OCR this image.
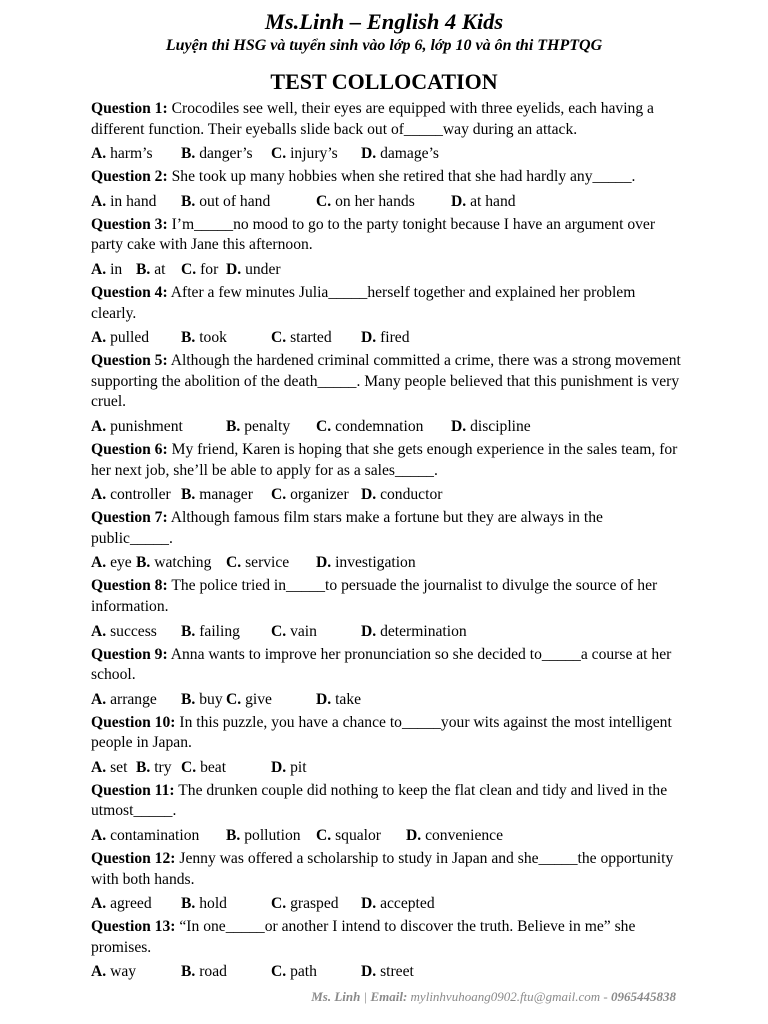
Ms.Linh – English 4 Kids
Luyện thi HSG và tuyển sinh vào lớp 6, lớp 10 và ôn thi THPTQG
TEST COLLOCATION
Question 1: Crocodiles see well, their eyes are equipped with three eyelids, each having a different function. Their eyeballs slide back out of_____way during an attack.
A. harm’s B. danger’s C. injury’s D. damage’s
Question 2: She took up many hobbies when she retired that she had hardly any_____.
A. in hand B. out of hand	C. on her hands D. at hand
Question 3: I’m_____no mood to go to the party tonight because I have an argument over party cake with Jane this afternoon.
A. in B. at C. for D. under
Question 4: After a few minutes Julia_____herself together and explained her problem clearly.
A. pulled B. took	C. started D. fired
Question 5: Although the hardened criminal committed a crime, there was a strong movement supporting the abolition of the death_____. Many people believed that this punishment is very cruel.
A. punishment	B. penalty C. condemnation D. discipline
Question 6: My friend, Karen is hoping that she gets enough experience in the sales team, for her next job, she’ll be able to apply for as a sales_____.
A. controller B. manager C. organizer D. conductor
Question 7: Although famous film stars make a fortune but they are always in the public_____.
A. eye B. watching C. service D. investigation
Question 8: The police tried in_____to persuade the journalist to divulge the source of her information.
A. success B. failing C. vain	D. determination
Question 9: Anna wants to improve her pronunciation so she decided to_____a course at her school.
A. arrange B. buy C. give	D. take
Question 10: In this puzzle, you have a chance to_____your wits against the most intelligent people in Japan.
A. set B. try C. beat	D. pit
Question 11: The drunken couple did nothing to keep the flat clean and tidy and lived in the utmost_____.
A. contamination B. pollution C. squalor D. convenience
Question 12: Jenny was offered a scholarship to study in Japan and she_____the opportunity with both hands.
A. agreed B. hold	C. grasped D. accepted
Question 13: “In one_____or another I intend to discover the truth. Believe in me” she promises.
A. way	B. road	C. path	D. street
Ms. Linh | Email: mylinhvuhoang0902.ftu@gmail.com - 0965445838
